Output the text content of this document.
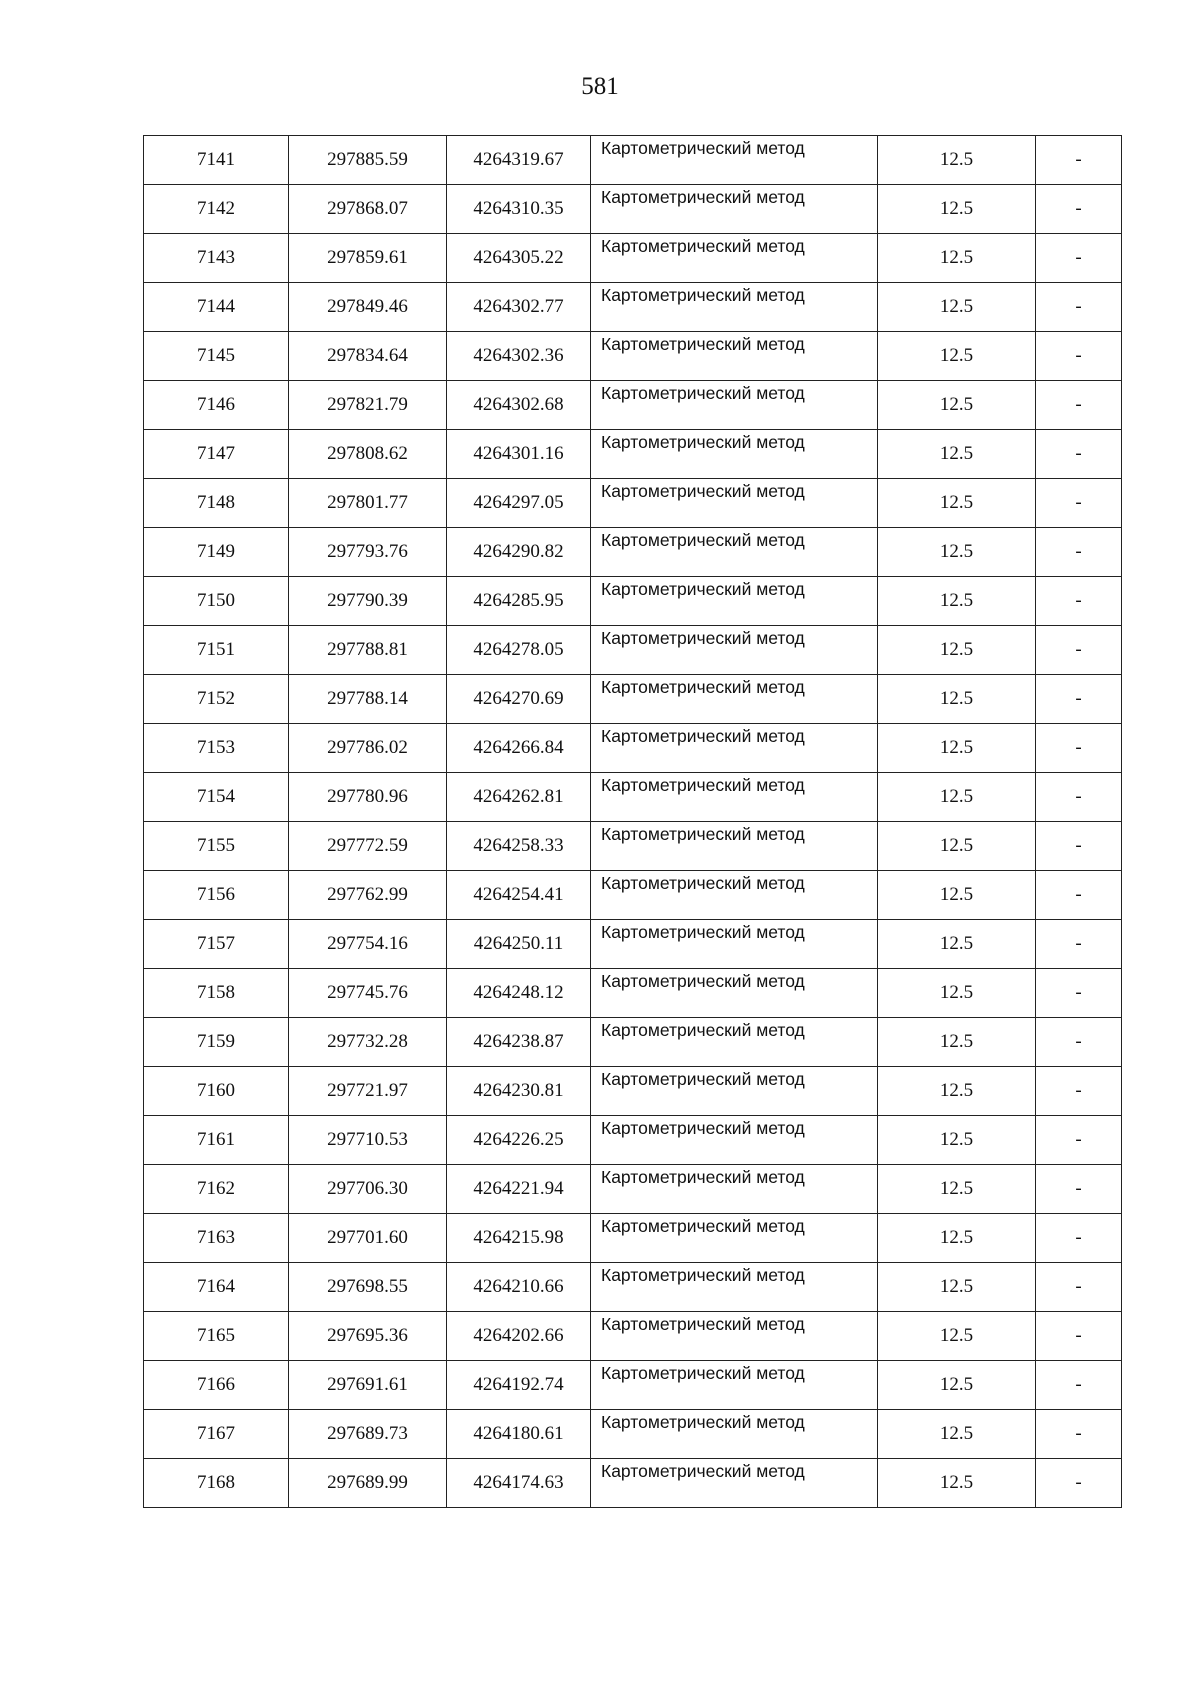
581
7141	297885.59	4264319.67	Картометрический метод	12.5	-
7142	297868.07	4264310.35	Картометрический метод	12.5	-
7143	297859.61	4264305.22	Картометрический метод	12.5	-
7144	297849.46	4264302.77	Картометрический метод	12.5	-
7145	297834.64	4264302.36	Картометрический метод	12.5	-
7146	297821.79	4264302.68	Картометрический метод	12.5	-
7147	297808.62	4264301.16	Картометрический метод	12.5	-
7148	297801.77	4264297.05	Картометрический метод	12.5	-
7149	297793.76	4264290.82	Картометрический метод	12.5	-
7150	297790.39	4264285.95	Картометрический метод	12.5	-
7151	297788.81	4264278.05	Картометрический метод	12.5	-
7152	297788.14	4264270.69	Картометрический метод	12.5	-
7153	297786.02	4264266.84	Картометрический метод	12.5	-
7154	297780.96	4264262.81	Картометрический метод	12.5	-
7155	297772.59	4264258.33	Картометрический метод	12.5	-
7156	297762.99	4264254.41	Картометрический метод	12.5	-
7157	297754.16	4264250.11	Картометрический метод	12.5	-
7158	297745.76	4264248.12	Картометрический метод	12.5	-
7159	297732.28	4264238.87	Картометрический метод	12.5	-
7160	297721.97	4264230.81	Картометрический метод	12.5	-
7161	297710.53	4264226.25	Картометрический метод	12.5	-
7162	297706.30	4264221.94	Картометрический метод	12.5	-
7163	297701.60	4264215.98	Картометрический метод	12.5	-
7164	297698.55	4264210.66	Картометрический метод	12.5	-
7165	297695.36	4264202.66	Картометрический метод	12.5	-
7166	297691.61	4264192.74	Картометрический метод	12.5	-
7167	297689.73	4264180.61	Картометрический метод	12.5	-
7168	297689.99	4264174.63	Картометрический метод	12.5	-
